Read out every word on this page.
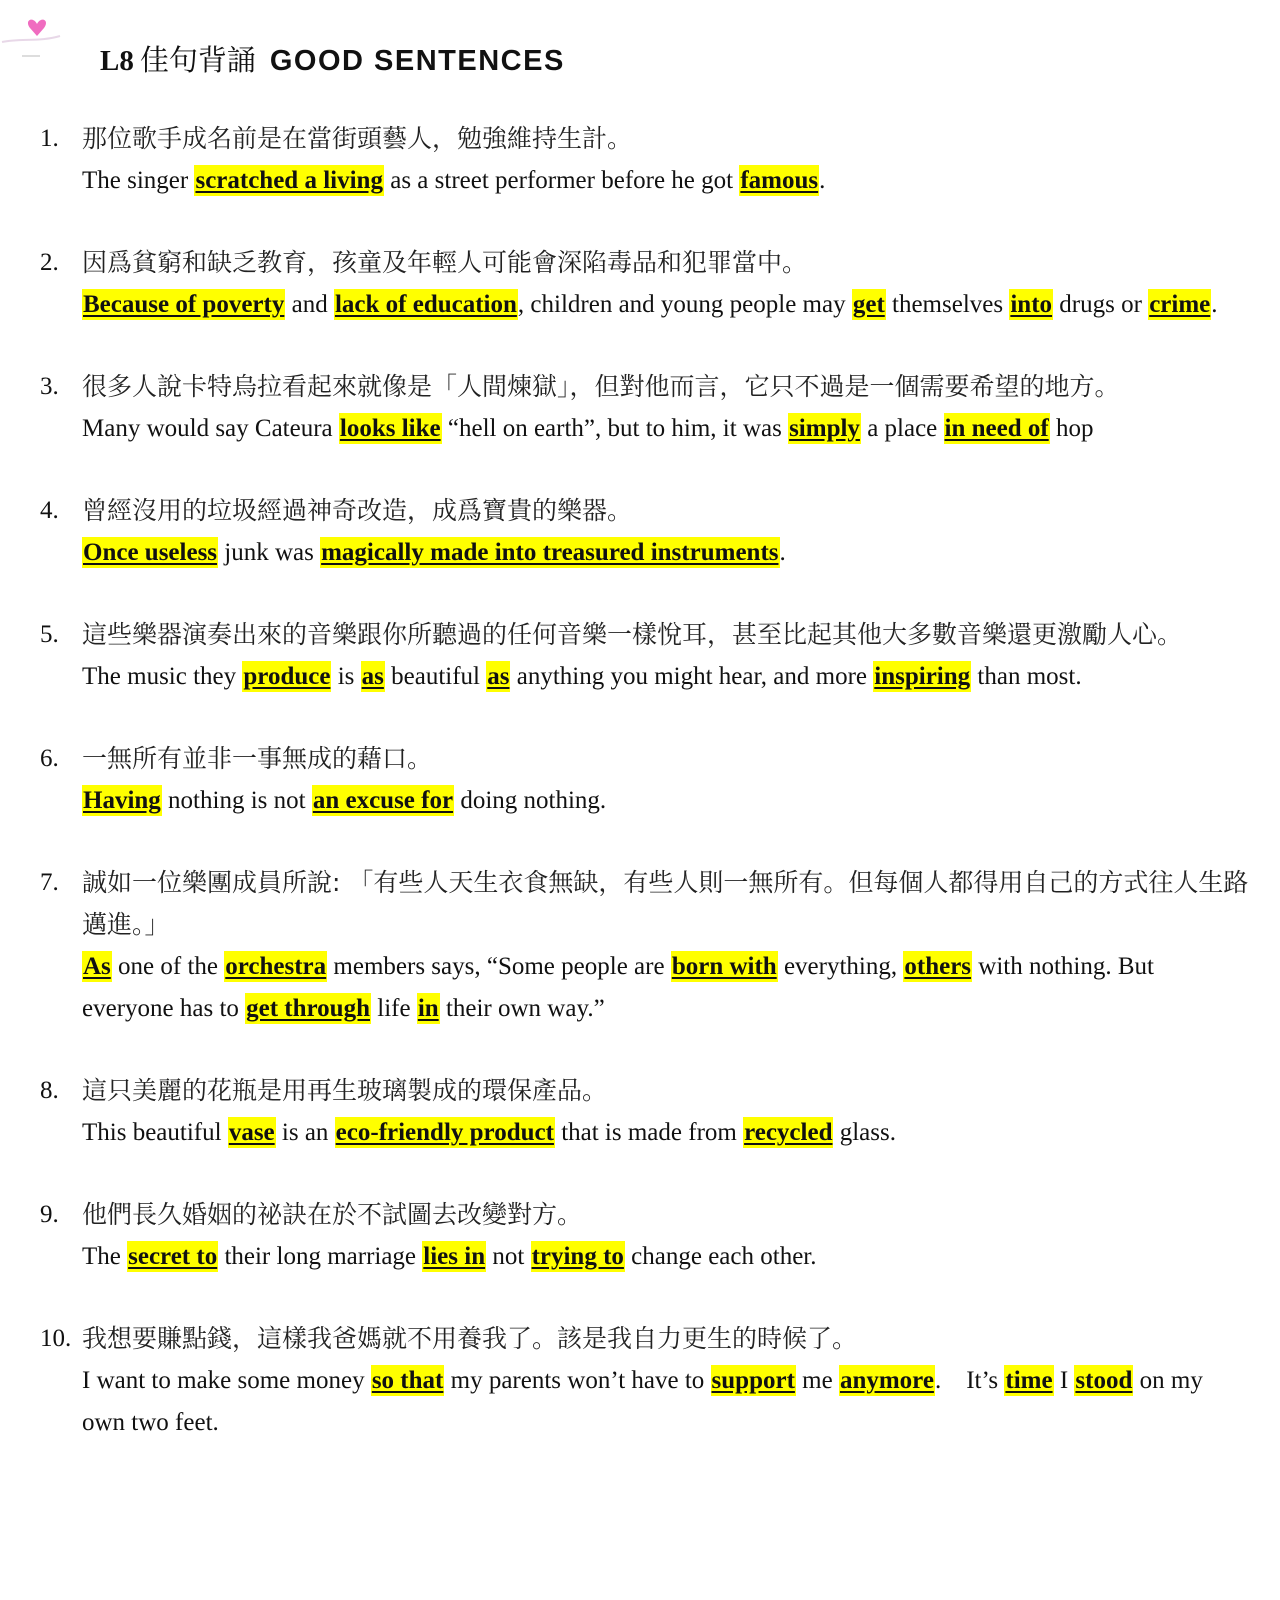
L8 佳句背誦 GOOD SENTENCES
1. 那位歌手成名前是在當街頭藝人，勉強維持生計。
The singer scratched a living as a street performer before he got famous.
2. 因爲貧窮和缺乏教育，孩童及年輕人可能會深陷毒品和犯罪當中。
Because of poverty and lack of education, children and young people may get themselves into drugs or crime.
3. 很多人說卡特烏拉看起來就像是「人間煉獄」，但對他而言，它只不過是一個需要希望的地方。
Many would say Cateura looks like “hell on earth”, but to him, it was simply a place in need of hop
4. 曾經沒用的垃圾經過神奇改造，成爲寶貴的樂器。
Once useless junk was magically made into treasured instruments.
5. 這些樂器演奏出來的音樂跟你所聽過的任何音樂一樣悅耳，甚至比起其他大多數音樂還更激勵人心。
The music they produce is as beautiful as anything you might hear, and more inspiring than most.
6. 一無所有並非一事無成的藉口。
Having nothing is not an excuse for doing nothing.
7. 誠如一位樂團成員所說: 「有些人天生衣食無缺，有些人則一無所有。但每個人都得用自己的方式往人生路邁進。」
As one of the orchestra members says, “Some people are born with everything, others with nothing. But everyone has to get through life in their own way.”
8. 這只美麗的花瓶是用再生玻璃製成的環保產品。
This beautiful vase is an eco-friendly product that is made from recycled glass.
9. 他們長久婚姻的祕訣在於不試圖去改變對方。
The secret to their long marriage lies in not trying to change each other.
10. 我想要賺點錢，這樣我爸媽就不用養我了。該是我自力更生的時候了。
I want to make some money so that my parents won’t have to support me anymore.    It’s time I stood on my own two feet.
